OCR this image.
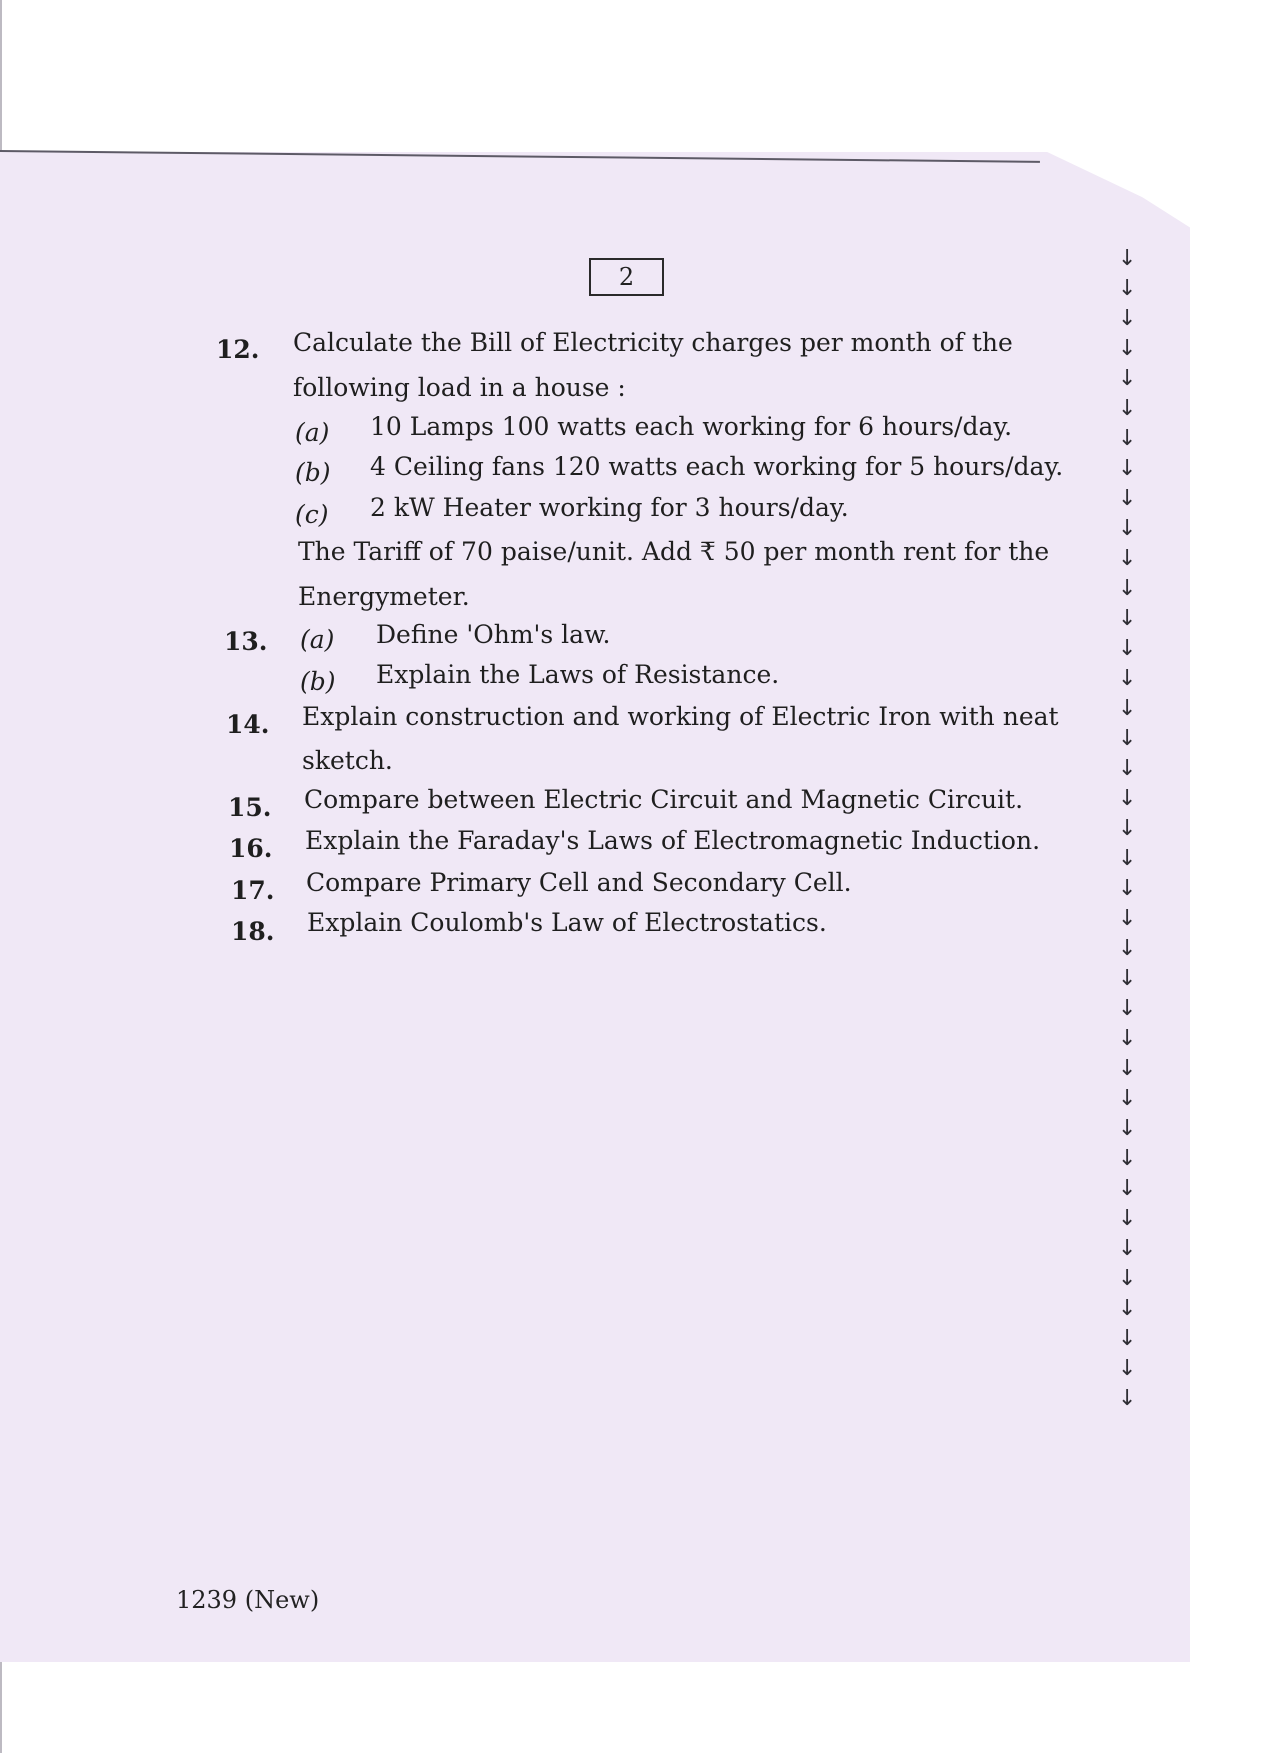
2
12. Calculate the Bill of Electricity charges per month of the
following load in a house :
(a) 10 Lamps 100 watts each working for 6 hours/day.
(b) 4 Ceiling fans 120 watts each working for 5 hours/day.
(c) 2 kW Heater working for 3 hours/day.
The Tariff of 70 paise/unit. Add ₹ 50 per month rent for the
Energymeter.
13. (a) Define 'Ohm's law.
(b) Explain the Laws of Resistance.
14. Explain construction and working of Electric Iron with neat
sketch.
15. Compare between Electric Circuit and Magnetic Circuit.
16. Explain the Faraday's Laws of Electromagnetic Induction.
17. Compare Primary Cell and Secondary Cell.
18. Explain Coulomb's Law of Electrostatics.
↓
↓
↓
↓
↓
↓
↓
↓
↓
↓
↓
↓
↓
↓
↓
↓
↓
↓
↓
↓
↓
↓
↓
↓
↓
↓
↓
↓
↓
↓
↓
↓
↓
↓
↓
↓
↓
↓
↓
1239 (New)
